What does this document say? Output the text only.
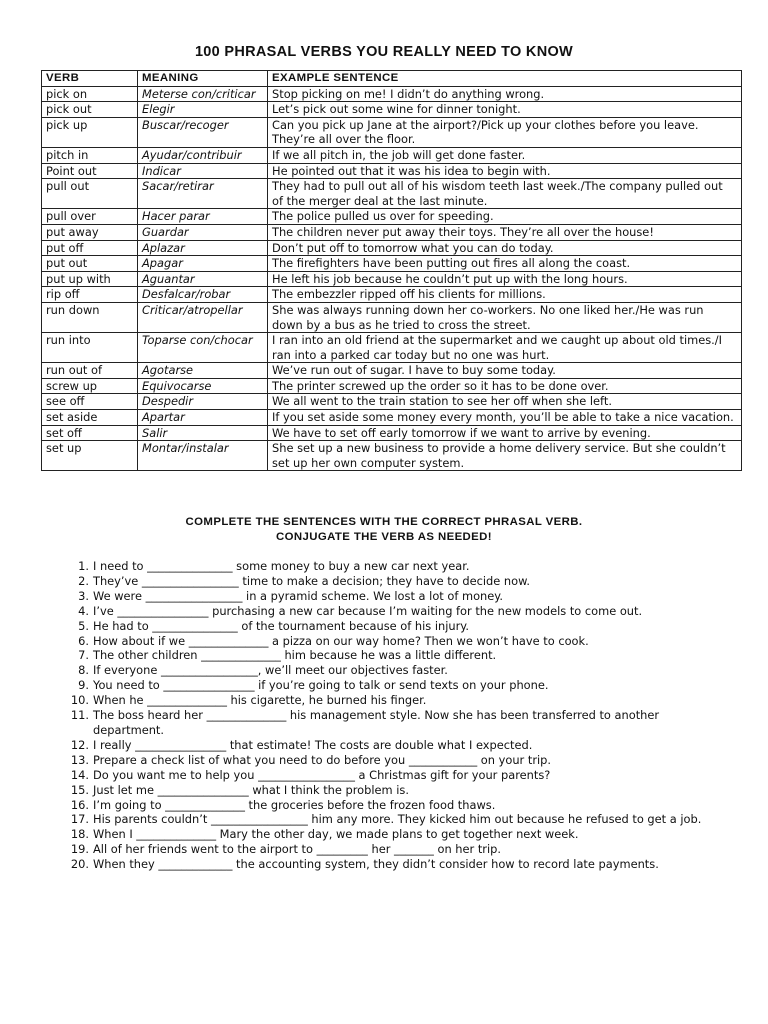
100 PHRASAL VERBS YOU REALLY NEED TO KNOW
VERB	MEANING	EXAMPLE SENTENCE
pick on	Meterse con/criticar	Stop picking on me! I didn’t do anything wrong.
pick out	Elegir	Let’s pick out some wine for dinner tonight.
pick up	Buscar/recoger	Can you pick up Jane at the airport?/Pick up your clothes before you leave. They’re all over the floor.
pitch in	Ayudar/contribuir	If we all pitch in, the job will get done faster.
Point out	Indicar	He pointed out that it was his idea to begin with.
pull out	Sacar/retirar	They had to pull out all of his wisdom teeth last week./The company pulled out of the merger deal at the last minute.
pull over	Hacer parar	The police pulled us over for speeding.
put away	Guardar	The children never put away their toys. They’re all over the house!
put off	Aplazar	Don’t put off to tomorrow what you can do today.
put out	Apagar	The firefighters have been putting out fires all along the coast.
put up with	Aguantar	He left his job because he couldn’t put up with the long hours.
rip off	Desfalcar/robar	The embezzler ripped off his clients for millions.
run down	Criticar/atropellar	She was always running down her co-workers. No one liked her./He was run down by a bus as he tried to cross the street.
run into	Toparse con/chocar	I ran into an old friend at the supermarket and we caught up about old times./I ran into a parked car today but no one was hurt.
run out of	Agotarse	We’ve run out of sugar. I have to buy some today.
screw up	Equivocarse	The printer screwed up the order so it has to be done over.
see off	Despedir	We all went to the train station to see her off when she left.
set aside	Apartar	If you set aside some money every month, you’ll be able to take a nice vacation.
set off	Salir	We have to set off early tomorrow if we want to arrive by evening.
set up	Montar/instalar	She set up a new business to provide a home delivery service. But she couldn’t set up her own computer system.
COMPLETE THE SENTENCES WITH THE CORRECT PHRASAL VERB.
CONJUGATE THE VERB AS NEEDED!
1. I need to _______________ some money to buy a new car next year.
2. They’ve _________________ time to make a decision; they have to decide now.
3. We were _________________ in a pyramid scheme. We lost a lot of money.
4. I’ve ________________ purchasing a new car because I’m waiting for the new models to come out.
5. He had to _______________ of the tournament because of his injury.
6. How about if we ______________ a pizza on our way home? Then we won’t have to cook.
7. The other children ______________ him because he was a little different.
8. If everyone _________________, we’ll meet our objectives faster.
9. You need to ________________ if you’re going to talk or send texts on your phone.
10. When he ______________ his cigarette, he burned his finger.
11. The boss heard her ______________ his management style. Now she has been transferred to another department.
12. I really ________________ that estimate! The costs are double what I expected.
13. Prepare a check list of what you need to do before you ____________ on your trip.
14. Do you want me to help you _________________ a Christmas gift for your parents?
15. Just let me ________________ what I think the problem is.
16. I’m going to ______________ the groceries before the frozen food thaws.
17. His parents couldn’t _________________ him any more. They kicked him out because he refused to get a job.
18. When I ______________ Mary the other day, we made plans to get together next week.
19. All of her friends went to the airport to _________ her _______ on her trip.
20. When they _____________ the accounting system, they didn’t consider how to record late payments.
